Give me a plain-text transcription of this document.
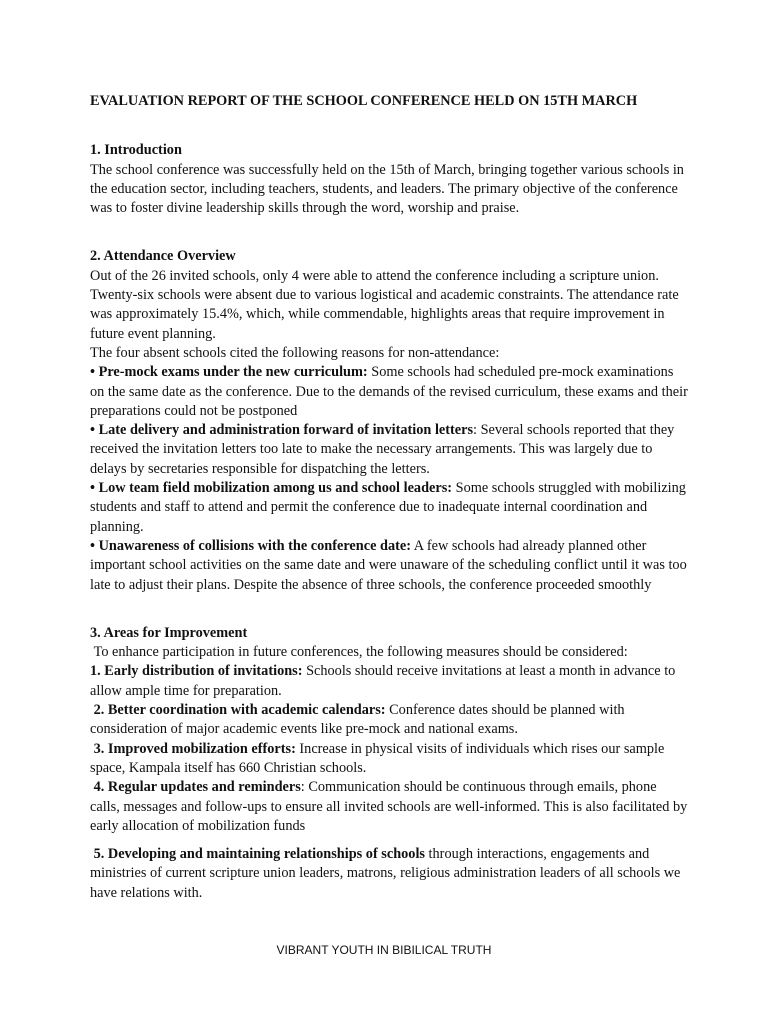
EVALUATION REPORT OF THE SCHOOL CONFERENCE HELD ON 15TH MARCH
1. Introduction

The school conference was successfully held on the 15th of March, bringing together various schools in the education sector, including teachers, students, and leaders. The primary objective of the conference was to foster divine leadership skills through the word, worship and praise.

2. Attendance Overview

Out of the 26 invited schools, only 4 were able to attend the conference including a scripture union. Twenty-six schools were absent due to various logistical and academic constraints. The attendance rate was approximately 15.4%, which, while commendable, highlights areas that require improvement in future event planning.

The four absent schools cited the following reasons for non-attendance:

• Pre-mock exams under the new curriculum: Some schools had scheduled pre-mock examinations on the same date as the conference. Due to the demands of the revised curriculum, these exams and their preparations could not be postponed

• Late delivery and administration forward of invitation letters: Several schools reported that they received the invitation letters too late to make the necessary arrangements. This was largely due to delays by secretaries responsible for dispatching the letters.

• Low team field mobilization among us and school leaders: Some schools struggled with mobilizing students and staff to attend and permit the conference due to inadequate internal coordination and planning.

• Unawareness of collisions with the conference date: A few schools had already planned other important school activities on the same date and were unaware of the scheduling conflict until it was too late to adjust their plans. Despite the absence of three schools, the conference proceeded smoothly

3. Areas for Improvement

To enhance participation in future conferences, the following measures should be considered:

1. Early distribution of invitations: Schools should receive invitations at least a month in advance to allow ample time for preparation.

2. Better coordination with academic calendars: Conference dates should be planned with consideration of major academic events like pre-mock and national exams.

3. Improved mobilization efforts: Increase in physical visits of individuals which rises our sample space, Kampala itself has 660 Christian schools.

4. Regular updates and reminders: Communication should be continuous through emails, phone calls, messages and follow-ups to ensure all invited schools are well-informed. This is also facilitated by early allocation of mobilization funds

5. Developing and maintaining relationships of schools through interactions, engagements and ministries of current scripture union leaders, matrons, religious administration leaders of all schools we have relations with.

VIBRANT YOUTH IN BIBILICAL TRUTH
